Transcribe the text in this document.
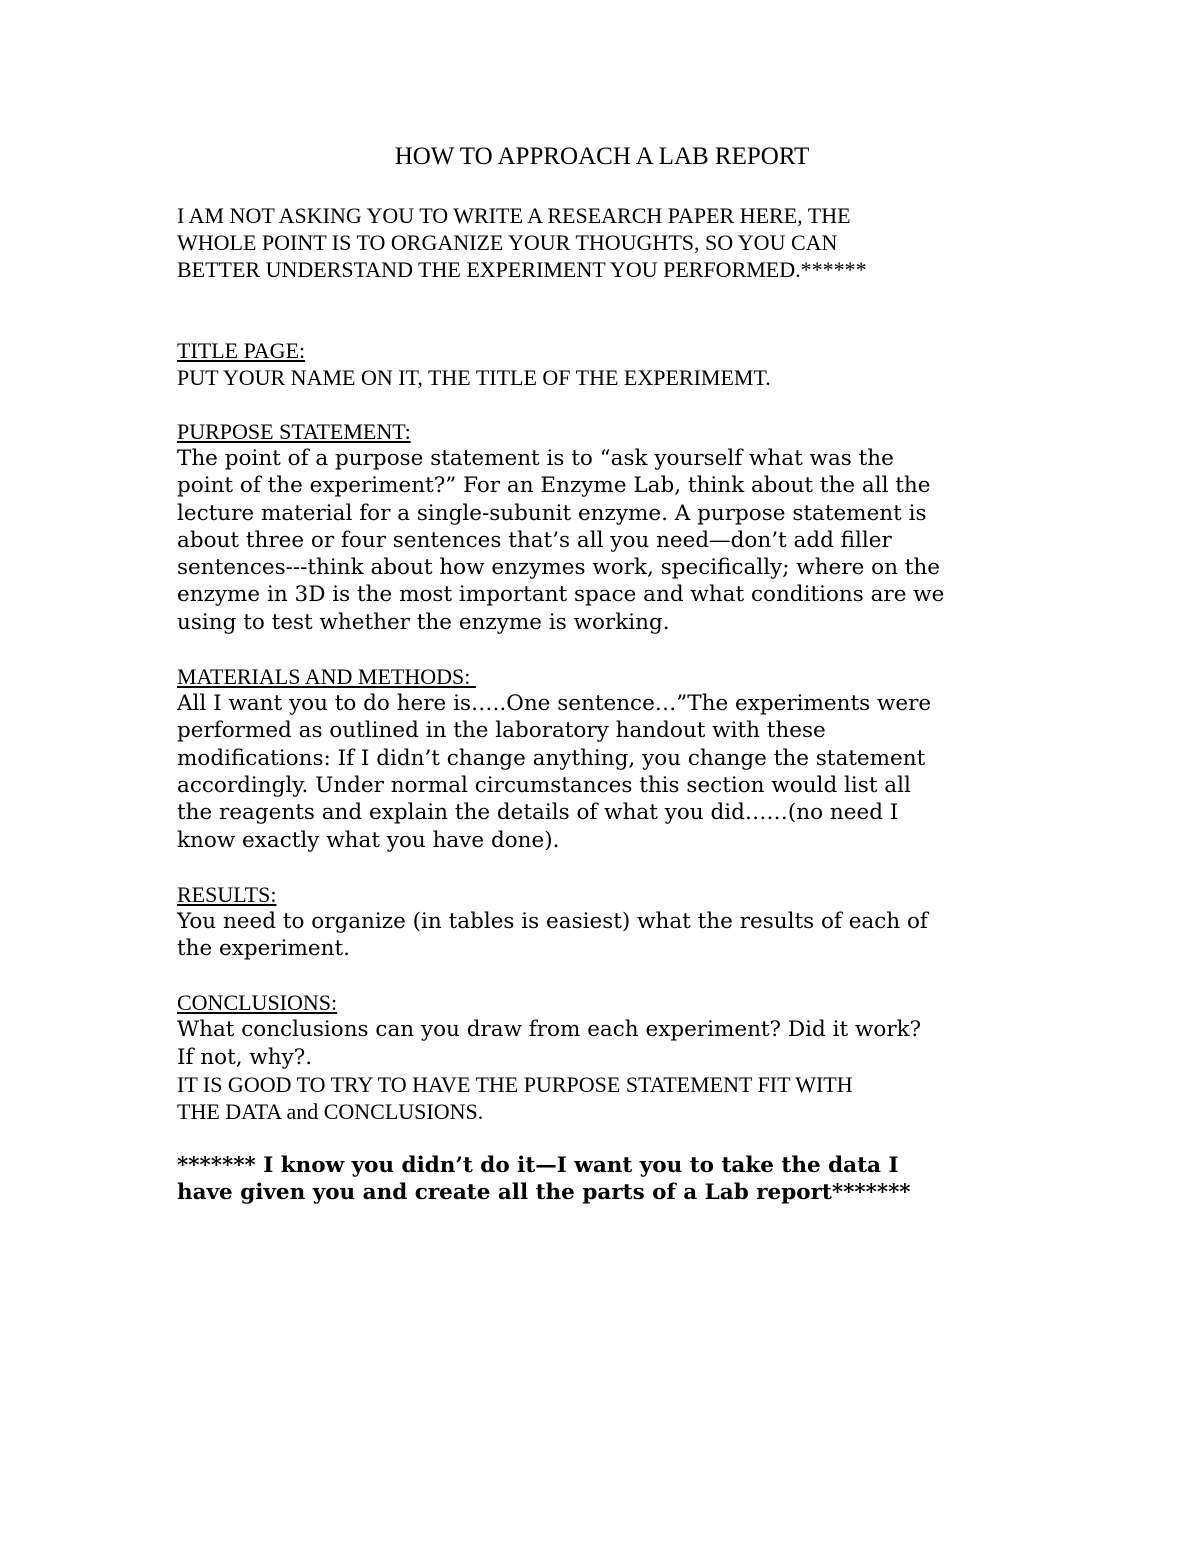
HOW TO APPROACH A LAB REPORT
I AM NOT ASKING YOU TO WRITE A RESEARCH PAPER HERE, THE
WHOLE POINT IS TO ORGANIZE YOUR THOUGHTS, SO YOU CAN
BETTER UNDERSTAND THE EXPERIMENT YOU PERFORMED.******
TITLE PAGE:
PUT YOUR NAME ON IT, THE TITLE OF THE EXPERIMEMT.
PURPOSE STATEMENT:
The point of a purpose statement is to “ask yourself what was the
point of the experiment?” For an Enzyme Lab, think about the all the
lecture material for a single-subunit enzyme. A purpose statement is
about three or four sentences that’s all you need—don’t add filler
sentences---think about how enzymes work, specifically; where on the
enzyme in 3D is the most important space and what conditions are we
using to test whether the enzyme is working.
MATERIALS AND METHODS:
All I want you to do here is…..One sentence…”The experiments were
performed as outlined in the laboratory handout with these
modifications: If I didn’t change anything, you change the statement
accordingly. Under normal circumstances this section would list all
the reagents and explain the details of what you did……(no need I
know exactly what you have done).
RESULTS:
You need to organize (in tables is easiest) what the results of each of
the experiment.
CONCLUSIONS:
What conclusions can you draw from each experiment? Did it work?
If not, why?.
IT IS GOOD TO TRY TO HAVE THE PURPOSE STATEMENT FIT WITH
THE DATA and CONCLUSIONS.
******* I know you didn’t do it—I want you to take the data I
have given you and create all the parts of a Lab report*******
